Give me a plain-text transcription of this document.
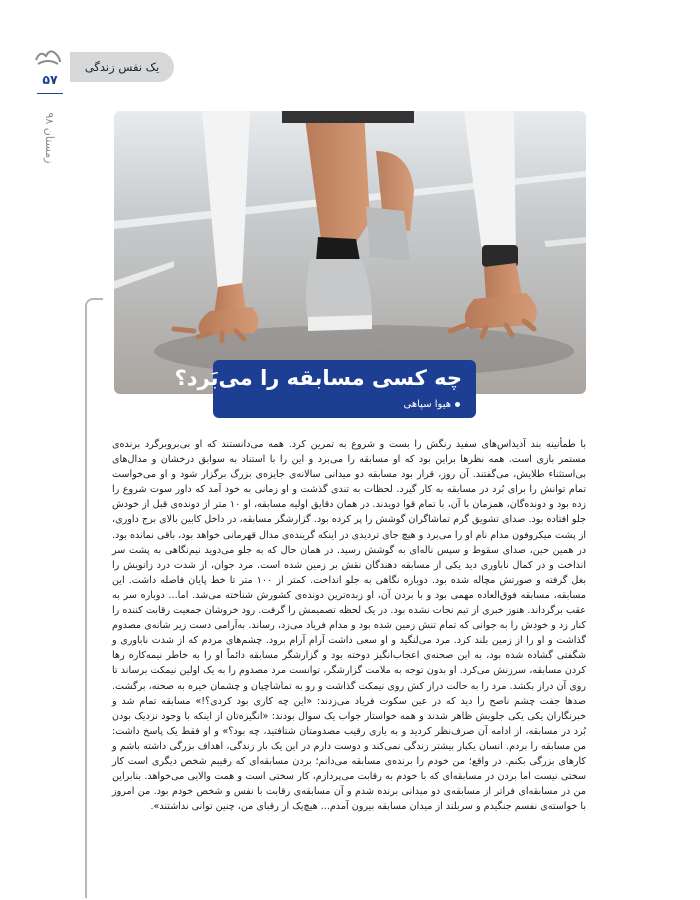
یک نفس زندگی
۵۷
زمستان ۹۸
چه کسی مسابقه را می‌بَرد؟
هیوا سپاهی

با طمأنینه بند آدیداس‌های سفید رنگش را بست و شروع به تمرین کرد. همه می‌دانستند که او بی‌بروبرگرد برنده‌ی مستمر بازی است. همه نظرها براین بود که او مسابقه را می‌برد و این را با استناد به سوابق درخشان و مدال‌های بی‌استثناء طلایش، می‌گفتند. آن روز، قرار بود مسابقه دو میدانی سالانه‌ی جایزه‌ی بزرگ برگزار شود و او می‌خواست تمام توانش را برای بُرد در مسابقه به کار گیرد. لحظات به تندی گذشت و او زمانی به خود آمد که داور سوت شروع را زده بود و دونده‌گان، همزمان با آن، با تمام قوا دویدند. در همان دقایق اولیه مسابقه، او ۱۰ متر از دونده‌ی قبل از خودش جلو افتاده بود. صدای تشویق گرم تماشاگران گوشش را پر کرده بود. گزارشگر مسابقه، در داخل کابین بالای برج داوری، از پشت میکروفون مدام نام او را می‌برد و هیچ جای تردیدی در اینکه گرینده‌ی مدال قهرمانی خواهد بود، باقی نمانده بود. در همین حین، صدای سقوط و سپس ناله‌ای به گوشش رسید. در همان حال که به جلو می‌دوید نیم‌نگاهی به پشت سر انداخت و در کمال ناباوری دید یکی از مسابقه دهندگان نقش بر زمین شده است. مرد جوان، از شدت درد زانویش را بغل گرفته و صورتش مچاله شده بود. دوباره نگاهی به جلو انداخت. کمتر از ۱۰۰ متر تا خط پایان فاصله داشت. این مسابقه، مسابقه فوق‌العاده مهمی بود و با بردن آن، او زبده‌ترین دونده‌ی کشورش شناخته می‌شد. اما... دوباره سر به عقب برگرداند. هنوز خبری از تیم نجات نشده بود. در یک لحظه تصمیمش را گرفت. رود خروشان جمعیت رقابت کننده را کنار زد و خودش را به جوانی که تمام تنش زمین شده بود و مدام فریاد می‌زد، رساند. به‌آرامی دست زیر شانه‌ی مصدوم گذاشت و او را از زمین بلند کرد. مرد می‌لنگید و او سعی داشت آرام آرام برود. چشم‌های مردم که از شدت ناباوری و شگفتی گشاده شده بود، به این صحنه‌ی اعجاب‌انگیز دوخته بود و گزارشگر مسابقه دائماً او را به خاطر نیمه‌کاره رها کردن مسابقه، سرزنش می‌کرد. او بدون توجه به ملامت گزارشگر، توانست مرد مصدوم را به یک اولین نیمکت برساند تا روی آن دراز بکشد. مرد را به حالت دراز کش روی نیمکت گذاشت و رو به تماشاچیان و چشمان خیره به صحنه، برگشت. صدها جفت چشم ناصح را دید که در عین سکوت فریاد می‌زدند: «این چه کاری بود کردی؟!» مسابقه تمام شد و خبرنگاران یکی یکی جلویش ظاهر شدند و همه خواستار جواب یک سوال بودند: «انگیزه‌تان از اینکه با وجود نزدیک بودن بُرد در مسابقه، از ادامه آن صرف‌نظر کردید و به یاری رقیب مصدومتان شتافتید، چه بود؟» و او فقط یک پاسخ داشت: من مسابقه را بردم. انسان یکبار بیشتر زندگی نمی‌کند و دوست دارم در این یک بار زندگی، اهداف بزرگی داشته باشم و کارهای بزرگی بکنم. در واقع؛ من خودم را برنده‌ی مسابقه می‌دانم؛ بردن مسابقه‌ای که رقیبم شخص دیگری است کار سختی نیست اما بردن در مسابقه‌ای که با خودم به رقابت می‌پردازم، کار سختی است و همت والایی می‌خواهد. بنابراین من در مسابقه‌ای فراتر از مسابقه‌ی دو میدانی برنده شدم و آن مسابقه‌ی رقابت با نفس و شخص خودم بود. من امروز با خواسته‌ی نفسم جنگیدم و سربلند از میدان مسابقه بیرون آمدم... هیچ‌یک از رقبای من، چنین توانی نداشتند».
